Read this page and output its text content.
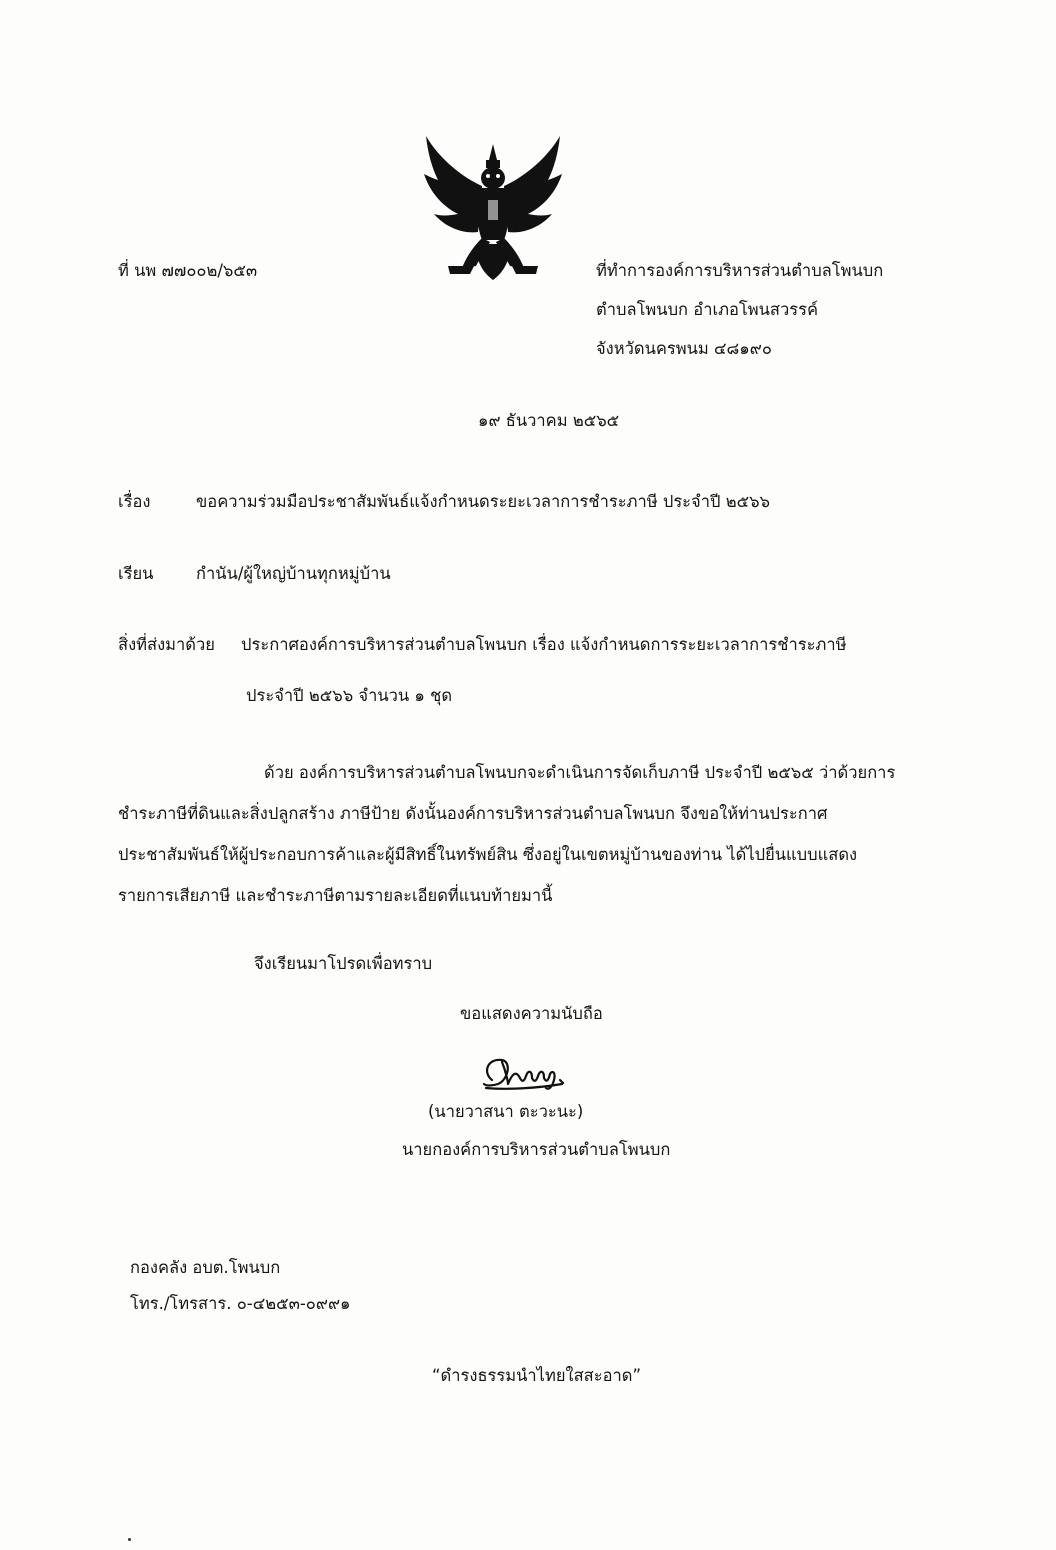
ที่ นพ ๗๗๐๐๒/๖๕๓	ที่ทำการองค์การบริหารส่วนตำบลโพนบก
ตำบลโพนบก อำเภอโพนสวรรค์
จังหวัดนครพนม ๔๘๑๙๐
๑๙ ธันวาคม ๒๕๖๕
เรื่อง	ขอความร่วมมือประชาสัมพันธ์แจ้งกำหนดระยะเวลาการชำระภาษี ประจำปี ๒๕๖๖
เรียน	กำนัน/ผู้ใหญ่บ้านทุกหมู่บ้าน
สิ่งที่ส่งมาด้วย ประกาศองค์การบริหารส่วนตำบลโพนบก เรื่อง แจ้งกำหนดการระยะเวลาการชำระภาษี
ประจำปี ๒๕๖๖ จำนวน ๑ ชุด
ด้วย องค์การบริหารส่วนตำบลโพนบกจะดำเนินการจัดเก็บภาษี ประจำปี ๒๕๖๕ ว่าด้วยการ
ชำระภาษีที่ดินและสิ่งปลูกสร้าง ภาษีป้าย ดังนั้นองค์การบริหารส่วนตำบลโพนบก จึงขอให้ท่านประกาศ
ประชาสัมพันธ์ให้ผู้ประกอบการค้าและผู้มีสิทธิ์ในทรัพย์สิน ซึ่งอยู่ในเขตหมู่บ้านของท่าน ได้ไปยื่นแบบแสดง
รายการเสียภาษี และชำระภาษีตามรายละเอียดที่แนบท้ายมานี้
จึงเรียนมาโปรดเพื่อทราบ
ขอแสดงความนับถือ
(นายวาสนา ตะวะนะ)
นายกองค์การบริหารส่วนตำบลโพนบก
กองคลัง อบต.โพนบก
โทร./โทรสาร. ๐-๔๒๕๓-๐๙๙๑
“ดำรงธรรมนำไทยใสสะอาด”
